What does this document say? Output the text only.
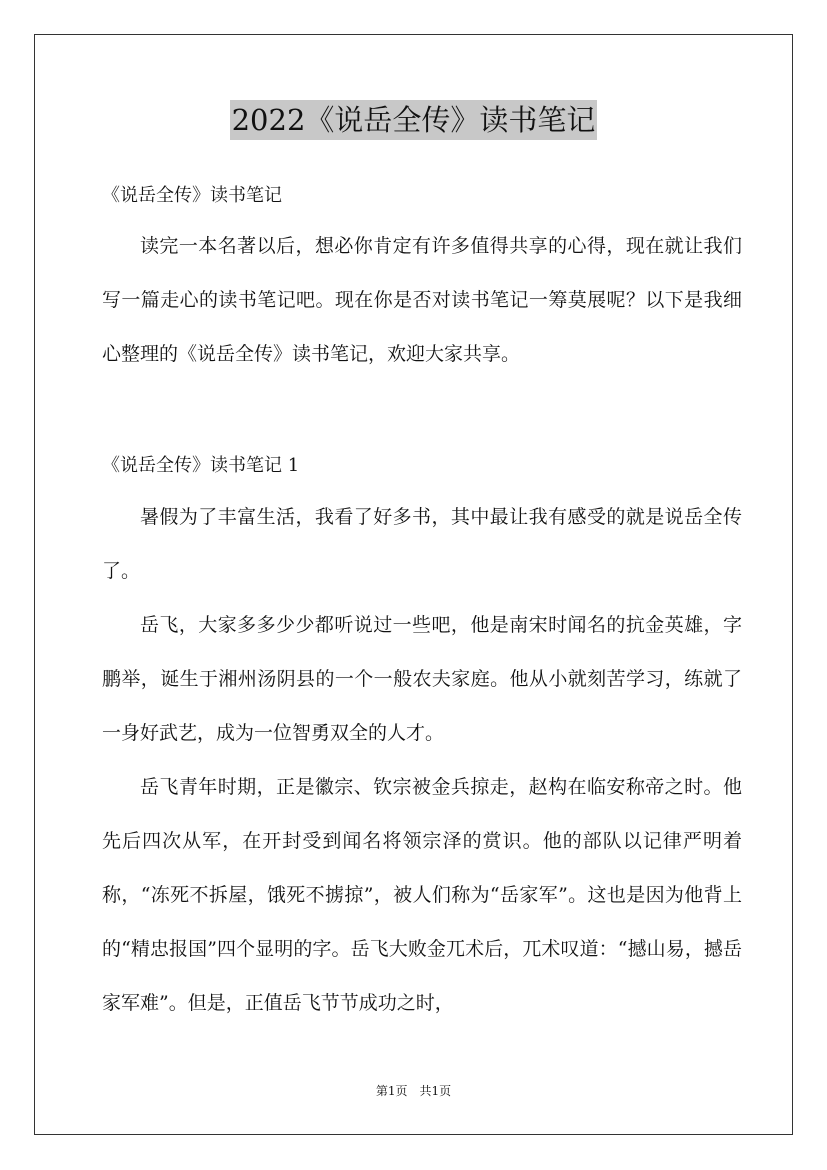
2022《说岳全传》读书笔记
《说岳全传》读书笔记
读完一本名著以后，想必你肯定有许多值得共享的心得，现在就让我们写一篇走心的读书笔记吧。现在你是否对读书笔记一筹莫展呢？以下是我细心整理的《说岳全传》读书笔记，欢迎大家共享。
《说岳全传》读书笔记 1
暑假为了丰富生活，我看了好多书，其中最让我有感受的就是说岳全传了。
岳飞，大家多多少少都听说过一些吧，他是南宋时闻名的抗金英雄，字鹏举，诞生于湘州汤阴县的一个一般农夫家庭。他从小就刻苦学习，练就了一身好武艺，成为一位智勇双全的人才。
岳飞青年时期，正是徽宗、钦宗被金兵掠走，赵构在临安称帝之时。他先后四次从军，在开封受到闻名将领宗泽的赏识。他的部队以记律严明着称，“冻死不拆屋，饿死不掳掠”，被人们称为“岳家军”。这也是因为他背上的“精忠报国”四个显明的字。岳飞大败金兀术后，兀术叹道：“撼山易，撼岳家军难”。但是，正值岳飞节节成功之时，
第1页　共1页
